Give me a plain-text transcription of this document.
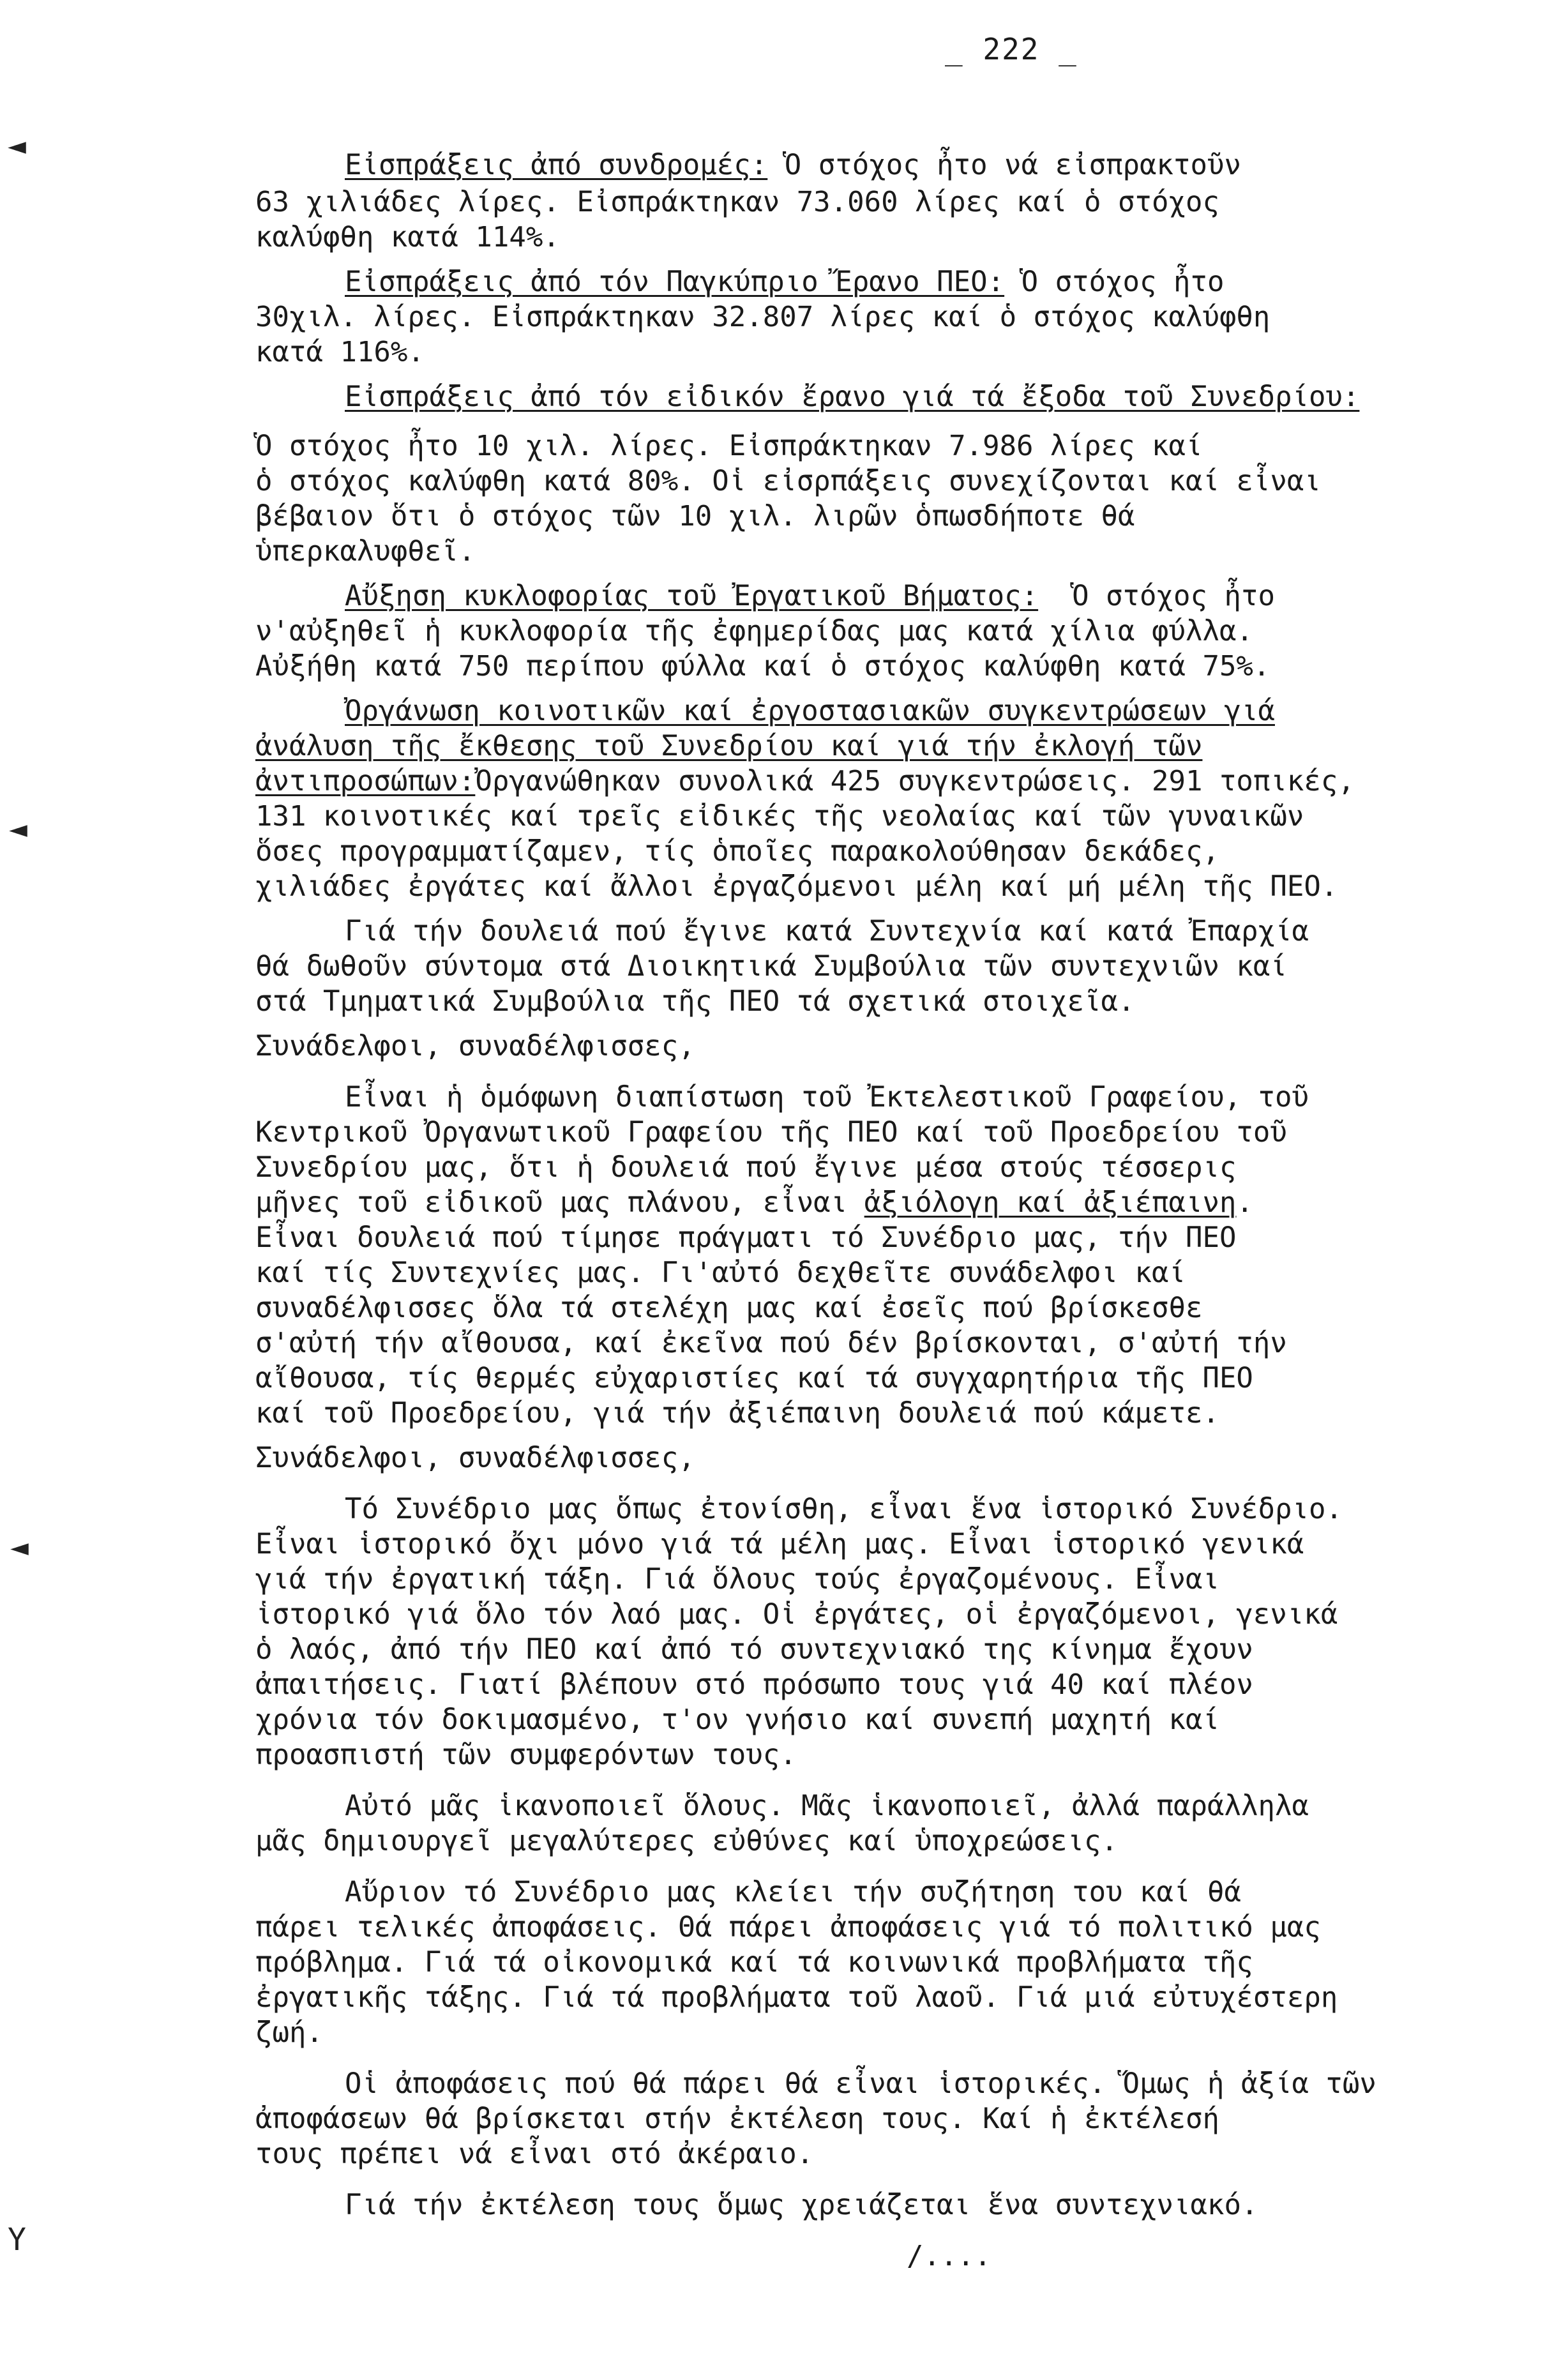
_ 222 _
◄
◄
◄
Y
Εἰσπράξεις ἀπό συνδρομές: Ὁ στόχος ἦτο νά εἰσπρακτοῦν
63 χιλιάδες λίρες. Εἰσπράκτηκαν 73.060 λίρες καί ὁ στόχος
καλύφθη κατά 114%.
Εἰσπράξεις ἀπό τόν Παγκύπριο Ἔρανο ΠΕΟ: Ὁ στόχος ἦτο
30χιλ. λίρες. Εἰσπράκτηκαν 32.807 λίρες καί ὁ στόχος καλύφθη
κατά 116%.
Εἰσπράξεις ἀπό τόν εἰδικόν ἔρανο γιά τά ἔξοδα τοῦ Συνεδρίου:
Ὁ στόχος ἦτο 10 χιλ. λίρες. Εἰσπράκτηκαν 7.986 λίρες καί
ὁ στόχος καλύφθη κατά 80%. Οἱ εἰσρπάξεις συνεχίζονται καί εἶναι
βέβαιον ὅτι ὁ στόχος τῶν 10 χιλ. λιρῶν ὁπωσδήποτε θά
ὑπερκαλυφθεῖ.
Αὔξηση κυκλοφορίας τοῦ Ἐργατικοῦ Βήματος:  Ὁ στόχος ἦτο
ν'αὐξηθεῖ ἡ κυκλοφορία τῆς ἐφημερίδας μας κατά χίλια φύλλα.
Αὐξήθη κατά 750 περίπου φύλλα καί ὁ στόχος καλύφθη κατά 75%.
Ὀργάνωση κοινοτικῶν καί ἐργοστασιακῶν συγκεντρώσεων γιά
ἀνάλυση τῆς ἔκθεσης τοῦ Συνεδρίου καί γιά τήν ἐκλογή τῶν
ἀντιπροσώπων:Ὀργανώθηκαν συνολικά 425 συγκεντρώσεις. 291 τοπικές,
131 κοινοτικές καί τρεῖς εἰδικές τῆς νεολαίας καί τῶν γυναικῶν
ὅσες προγραμματίζαμεν, τίς ὁποῖες παρακολούθησαν δεκάδες,
χιλιάδες ἐργάτες καί ἄλλοι ἐργαζόμενοι μέλη καί μή μέλη τῆς ΠΕΟ.
Γιά τήν δουλειά πού ἔγινε κατά Συντεχνία καί κατά Ἐπαρχία
θά δωθοῦν σύντομα στά Διοικητικά Συμβούλια τῶν συντεχνιῶν καί
στά Τμηματικά Συμβούλια τῆς ΠΕΟ τά σχετικά στοιχεῖα.
Συνάδελφοι, συναδέλφισσες,
Εἶναι ἡ ὁμόφωνη διαπίστωση τοῦ Ἐκτελεστικοῦ Γραφείου, τοῦ
Κεντρικοῦ Ὀργανωτικοῦ Γραφείου τῆς ΠΕΟ καί τοῦ Προεδρείου τοῦ
Συνεδρίου μας, ὅτι ἡ δουλειά πού ἔγινε μέσα στούς τέσσερις
μῆνες τοῦ εἰδικοῦ μας πλάνου, εἶναι ἀξιόλογη καί ἀξιέπαινη.
Εἶναι δουλειά πού τίμησε πράγματι τό Συνέδριο μας, τήν ΠΕΟ
καί τίς Συντεχνίες μας. Γι'αὐτό δεχθεῖτε συνάδελφοι καί
συναδέλφισσες ὅλα τά στελέχη μας καί ἐσεῖς πού βρίσκεσθε
σ'αὐτή τήν αἴθουσα, καί ἐκεῖνα πού δέν βρίσκονται, σ'αὐτή τήν
αἴθουσα, τίς θερμές εὐχαριστίες καί τά συγχαρητήρια τῆς ΠΕΟ
καί τοῦ Προεδρείου, γιά τήν ἀξιέπαινη δουλειά πού κάμετε.
Συνάδελφοι, συναδέλφισσες,
Τό Συνέδριο μας ὅπως ἐτονίσθη, εἶναι ἕνα ἱστορικό Συνέδριο.
Εἶναι ἱστορικό ὄχι μόνο γιά τά μέλη μας. Εἶναι ἱστορικό γενικά
γιά τήν ἐργατική τάξη. Γιά ὅλους τούς ἐργαζομένους. Εἶναι
ἱστορικό γιά ὅλο τόν λαό μας. Οἱ ἐργάτες, οἱ ἐργαζόμενοι, γενικά
ὁ λαός, ἀπό τήν ΠΕΟ καί ἀπό τό συντεχνιακό της κίνημα ἔχουν
ἀπαιτήσεις. Γιατί βλέπουν στό πρόσωπο τους γιά 40 καί πλέον
χρόνια τόν δοκιμασμένο, τ'ον γνήσιο καί συνεπή μαχητή καί
προασπιστή τῶν συμφερόντων τους.
Αὐτό μᾶς ἱκανοποιεῖ ὅλους. Μᾶς ἱκανοποιεῖ, ἀλλά παράλληλα
μᾶς δημιουργεῖ μεγαλύτερες εὐθύνες καί ὑποχρεώσεις.
Αὔριον τό Συνέδριο μας κλείει τήν συζήτηση του καί θά
πάρει τελικές ἀποφάσεις. Θά πάρει ἀποφάσεις γιά τό πολιτικό μας
πρόβλημα. Γιά τά οἰκονομικά καί τά κοινωνικά προβλήματα τῆς
ἐργατικῆς τάξης. Γιά τά προβλήματα τοῦ λαοῦ. Γιά μιά εὐτυχέστερη
ζωή.
Οἱ ἀποφάσεις πού θά πάρει θά εἶναι ἱστορικές. Ὅμως ἡ ἀξία τῶν
ἀποφάσεων θά βρίσκεται στήν ἐκτέλεση τους. Καί ἡ ἐκτέλεσή
τους πρέπει νά εἶναι στό ἀκέραιο.
Γιά τήν ἐκτέλεση τους ὅμως χρειάζεται ἕνα συντεχνιακό.
/....
